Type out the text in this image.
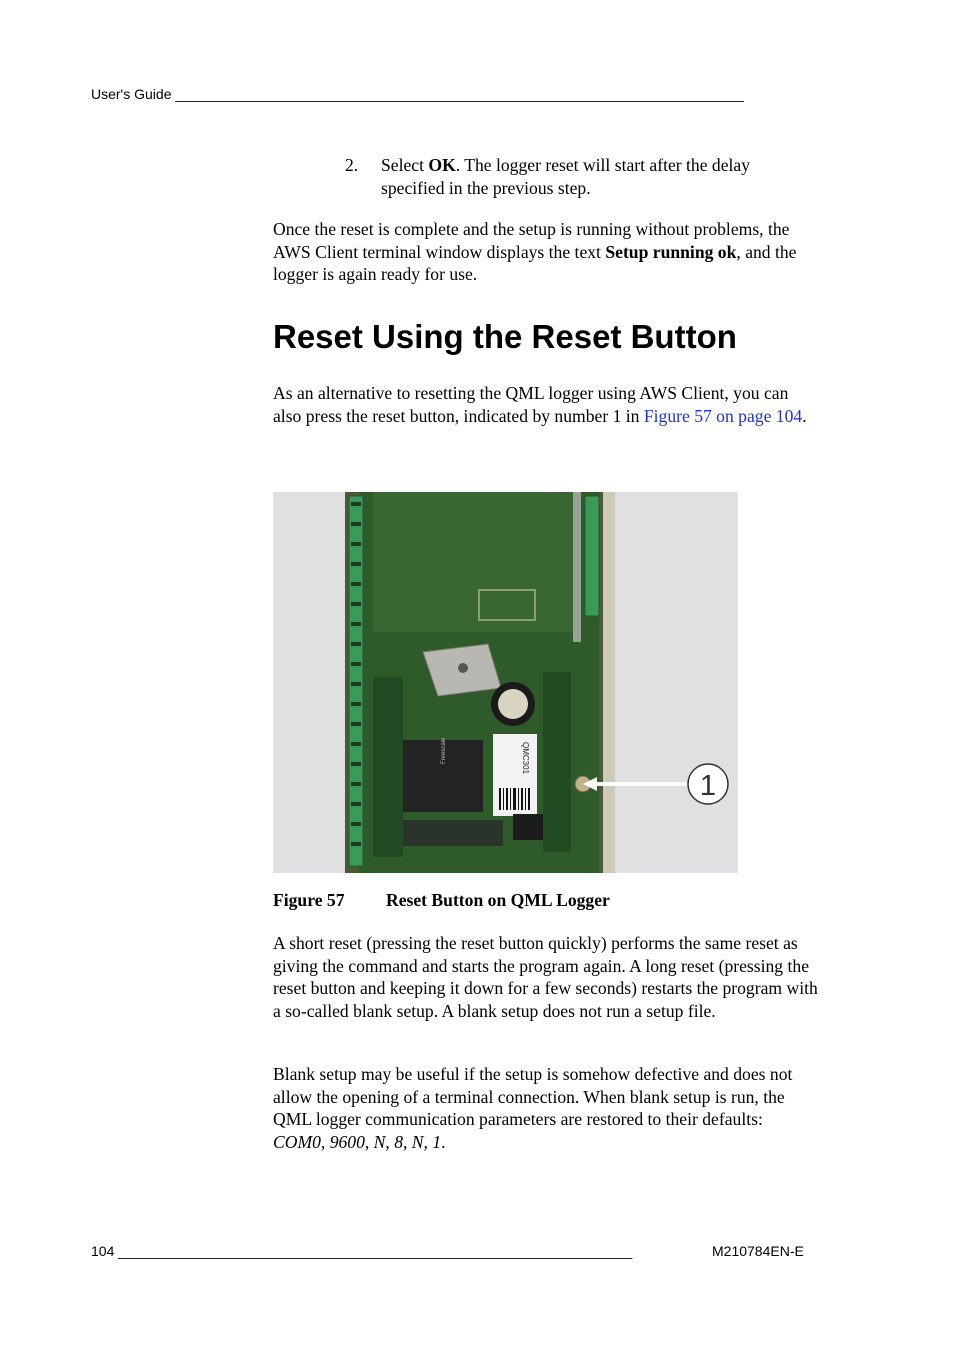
User's Guide _________________________________________________________________________
2. Select OK. The logger reset will start after the delay specified in the previous step.
Once the reset is complete and the setup is running without problems, the AWS Client terminal window displays the text Setup running ok, and the logger is again ready for use.
Reset Using the Reset Button
As an alternative to resetting the QML logger using AWS Client, you can also press the reset button, indicated by number 1 in Figure 57 on page 104.
Freescale	QMC301
1
Figure 57 Reset Button on QML Logger
A short reset (pressing the reset button quickly) performs the same reset as giving the command and starts the program again. A long reset (pressing the reset button and keeping it down for a few seconds) restarts the program with a so-called blank setup. A blank setup does not run a setup file.
Blank setup may be useful if the setup is somehow defective and does not allow the opening of a terminal connection. When blank setup is run, the QML logger communication parameters are restored to their defaults: COM0, 9600, N, 8, N, 1.
104 __________________________________________________________________	M210784EN-E
